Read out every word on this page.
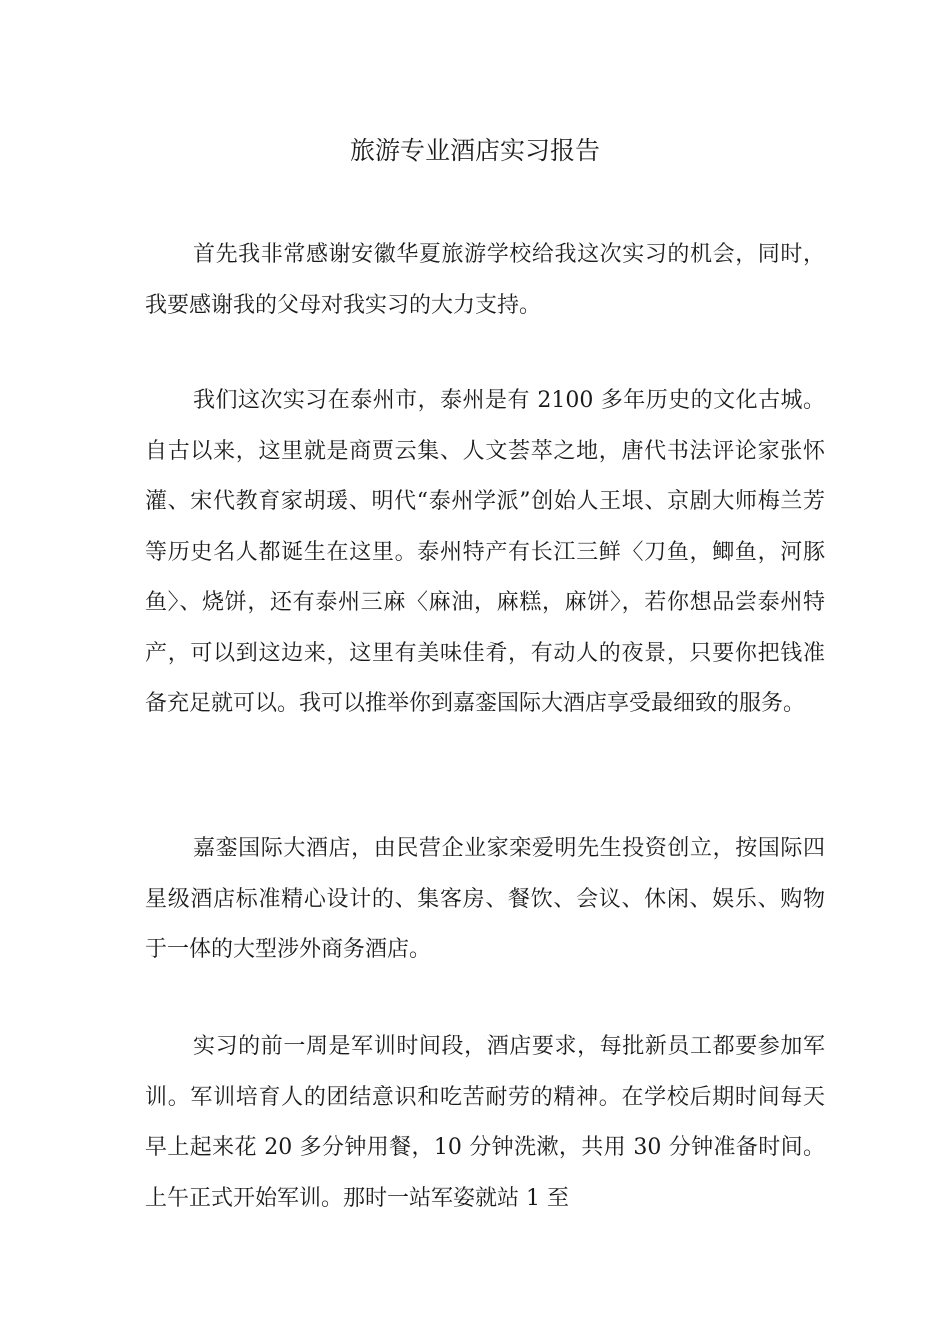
旅游专业酒店实习报告

首先我非常感谢安徽华夏旅游学校给我这次实习的机会，同时，我要感谢我的父母对我实习的大力支持。

我们这次实习在泰州市，泰州是有 2100 多年历史的文化古城。自古以来，这里就是商贾云集、人文荟萃之地，唐代书法评论家张怀灌、宋代教育家胡瑗、明代“泰州学派”创始人王垠、京剧大师梅兰芳等历史名人都诞生在这里。泰州特产有长江三鲜〈刀鱼，鲫鱼，河豚鱼〉、烧饼，还有泰州三麻〈麻油，麻糕，麻饼〉，若你想品尝泰州特产，可以到这边来，这里有美味佳肴，有动人的夜景，只要你把钱准备充足就可以。我可以推举你到嘉銮国际大酒店享受最细致的服务。

嘉銮国际大酒店，由民营企业家栾爱明先生投资创立，按国际四星级酒店标准精心设计的、集客房、餐饮、会议、休闲、娱乐、购物于一体的大型涉外商务酒店。

实习的前一周是军训时间段，酒店要求，每批新员工都要参加军训。军训培育人的团结意识和吃苦耐劳的精神。在学校后期时间每天早上起来花 20 多分钟用餐，10 分钟洗漱，共用 30 分钟准备时间。上午正式开始军训。那时一站军姿就站 1 至
